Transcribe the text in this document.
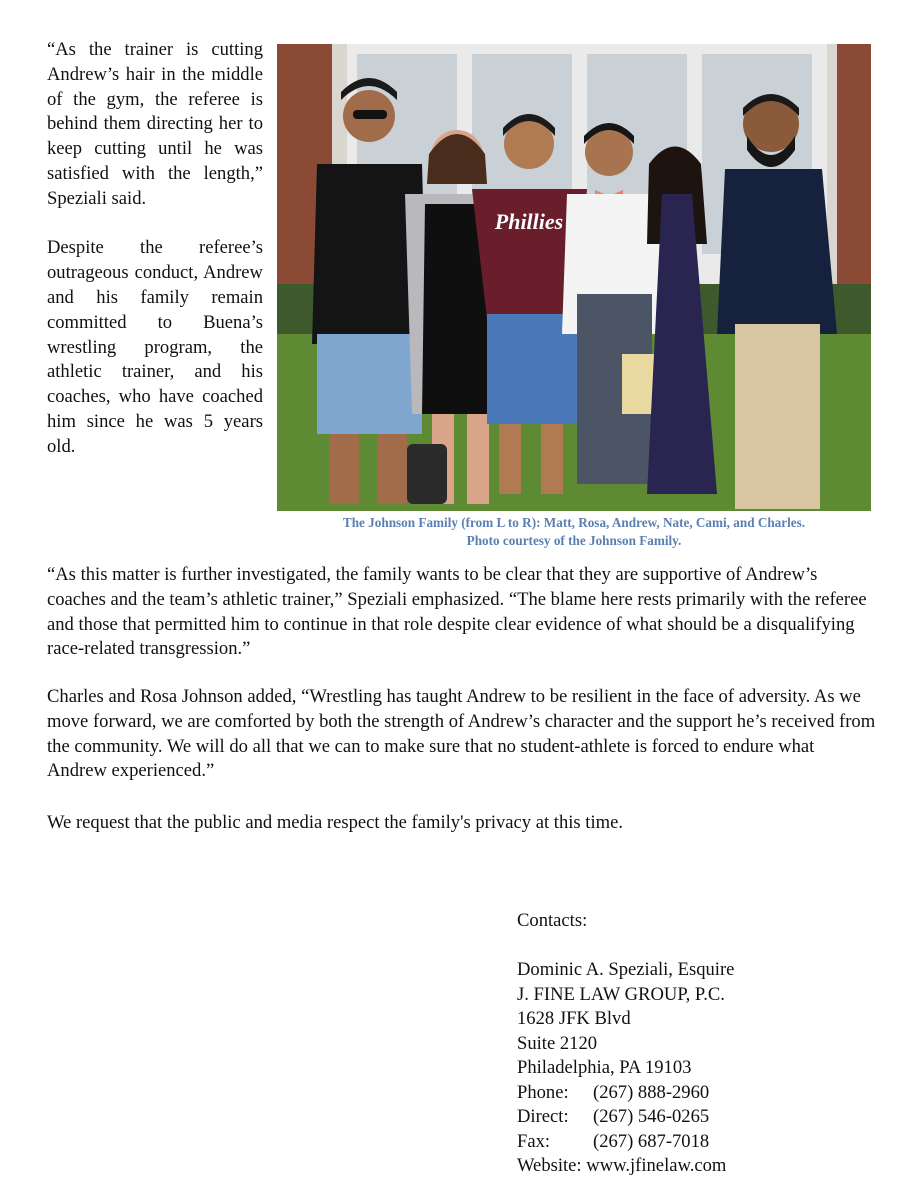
“As the trainer is cutting Andrew’s hair in the middle of the gym, the referee is behind them directing her to keep cutting until he was satisfied with the length,” Speziali said.

Despite the referee’s outrageous conduct, Andrew and his family remain committed to Buena’s wrestling program, the athletic trainer, and his coaches, who have coached him since he was 5 years old.

Phillies
The Johnson Family (from L to R): Matt, Rosa, Andrew, Nate, Cami, and Charles.
Photo courtesy of the Johnson Family.

“As this matter is further investigated, the family wants to be clear that they are supportive of Andrew’s coaches and the team’s athletic trainer,” Speziali emphasized. “The blame here rests primarily with the referee and those that permitted him to continue in that role despite clear evidence of what should be a disqualifying race-related transgression.”

Charles and Rosa Johnson added, “Wrestling has taught Andrew to be resilient in the face of adversity. As we move forward, we are comforted by both the strength of Andrew’s character and the support he’s received from the community. We will do all that we can to make sure that no student-athlete is forced to endure what Andrew experienced.”

We request that the public and media respect the family's privacy at this time.

Contacts:
Dominic A. Speziali, Esquire
J. FINE LAW GROUP, P.C.
1628 JFK Blvd
Suite 2120
Philadelphia, PA 19103
Phone: (267) 888-2960
Direct: (267) 546-0265
Fax: (267) 687-7018
Website: www.jfinelaw.com
